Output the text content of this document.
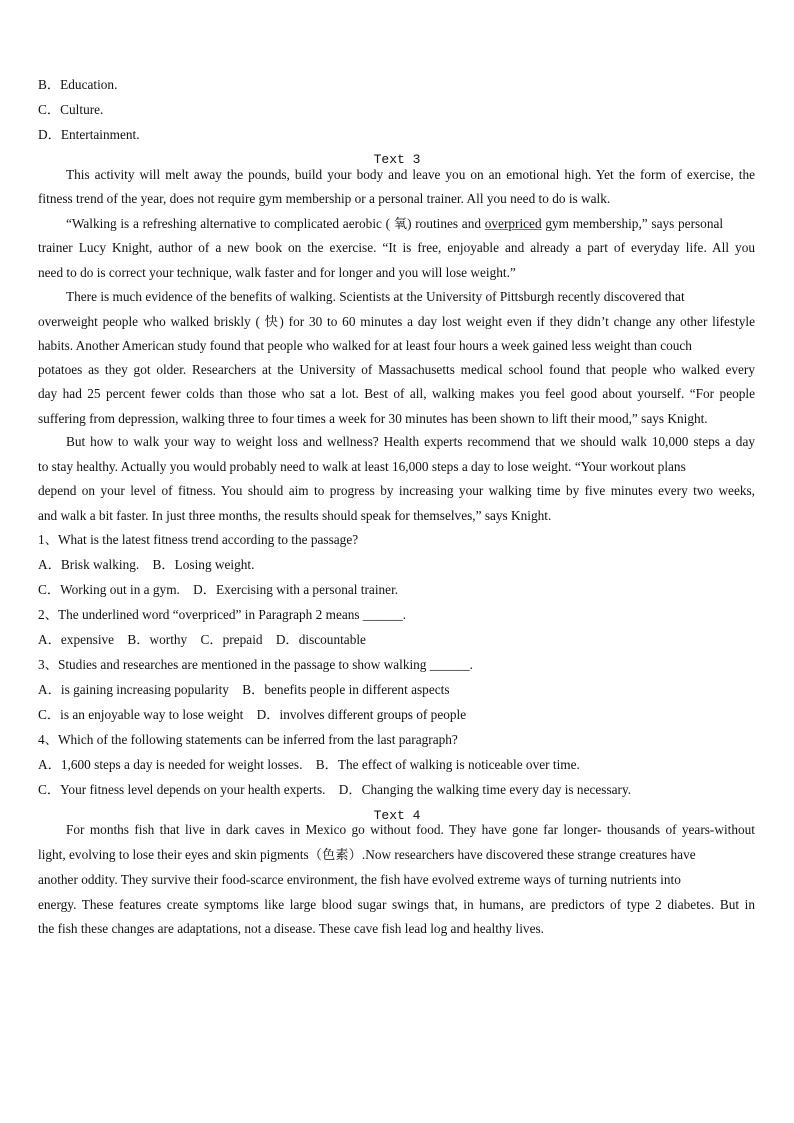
B．Education.
C．Culture.
D．Entertainment.
Text 3
This activity will melt away the pounds, build your body and leave you on an emotional high. Yet the form of exercise, the
fitness trend of the year, does not require gym membership or a personal trainer. All you need to do is walk.
“Walking is a refreshing alternative to complicated aerobic ( 氧) routines and overpriced gym membership,” says personal
trainer Lucy Knight, author of a new book on the exercise. “It is free, enjoyable and already a part of everyday life. All you
need to do is correct your technique, walk faster and for longer and you will lose weight.”
There is much evidence of the benefits of walking. Scientists at the University of Pittsburgh recently discovered that
overweight people who walked briskly ( 快) for 30 to 60 minutes a day lost weight even if they didn’t change any other lifestyle
habits. Another American study found that people who walked for at least four hours a week gained less weight than couch
potatoes as they got older. Researchers at the University of Massachusetts medical school found that people who walked every
day had 25 percent fewer colds than those who sat a lot. Best of all, walking makes you feel good about yourself. “For people
suffering from depression, walking three to four times a week for 30 minutes has been shown to lift their mood,” says Knight.
But how to walk your way to weight loss and wellness? Health experts recommend that we should walk 10,000 steps a day
to stay healthy. Actually you would probably need to walk at least 16,000 steps a day to lose weight. “Your workout plans
depend on your level of fitness. You should aim to progress by increasing your walking time by five minutes every two weeks,
and walk a bit faster. In just three months, the results should speak for themselves,” says Knight.
1、What is the latest fitness trend according to the passage?
A．Brisk walking.    B．Losing weight.
C．Working out in a gym.    D．Exercising with a personal trainer.
2、The underlined word “overpriced” in Paragraph 2 means ______.
A．expensive    B．worthy    C．prepaid    D．discountable
3、Studies and researches are mentioned in the passage to show walking ______.
A．is gaining increasing popularity    B．benefits people in different aspects
C．is an enjoyable way to lose weight    D．involves different groups of people
4、Which of the following statements can be inferred from the last paragraph?
A．1,600 steps a day is needed for weight losses.    B．The effect of walking is noticeable over time.
C．Your fitness level depends on your health experts.    D．Changing the walking time every day is necessary.
Text 4
For months fish that live in dark caves in Mexico go without food. They have gone far longer- thousands of years-without
light, evolving to lose their eyes and skin pigments（色素）.Now researchers have discovered these strange creatures have
another oddity. They survive their food-scarce environment, the fish have evolved extreme ways of turning nutrients into
energy. These features create symptoms like large blood sugar swings that, in humans, are predictors of type 2 diabetes. But in
the fish these changes are adaptations, not a disease. These cave fish lead log and healthy lives.
